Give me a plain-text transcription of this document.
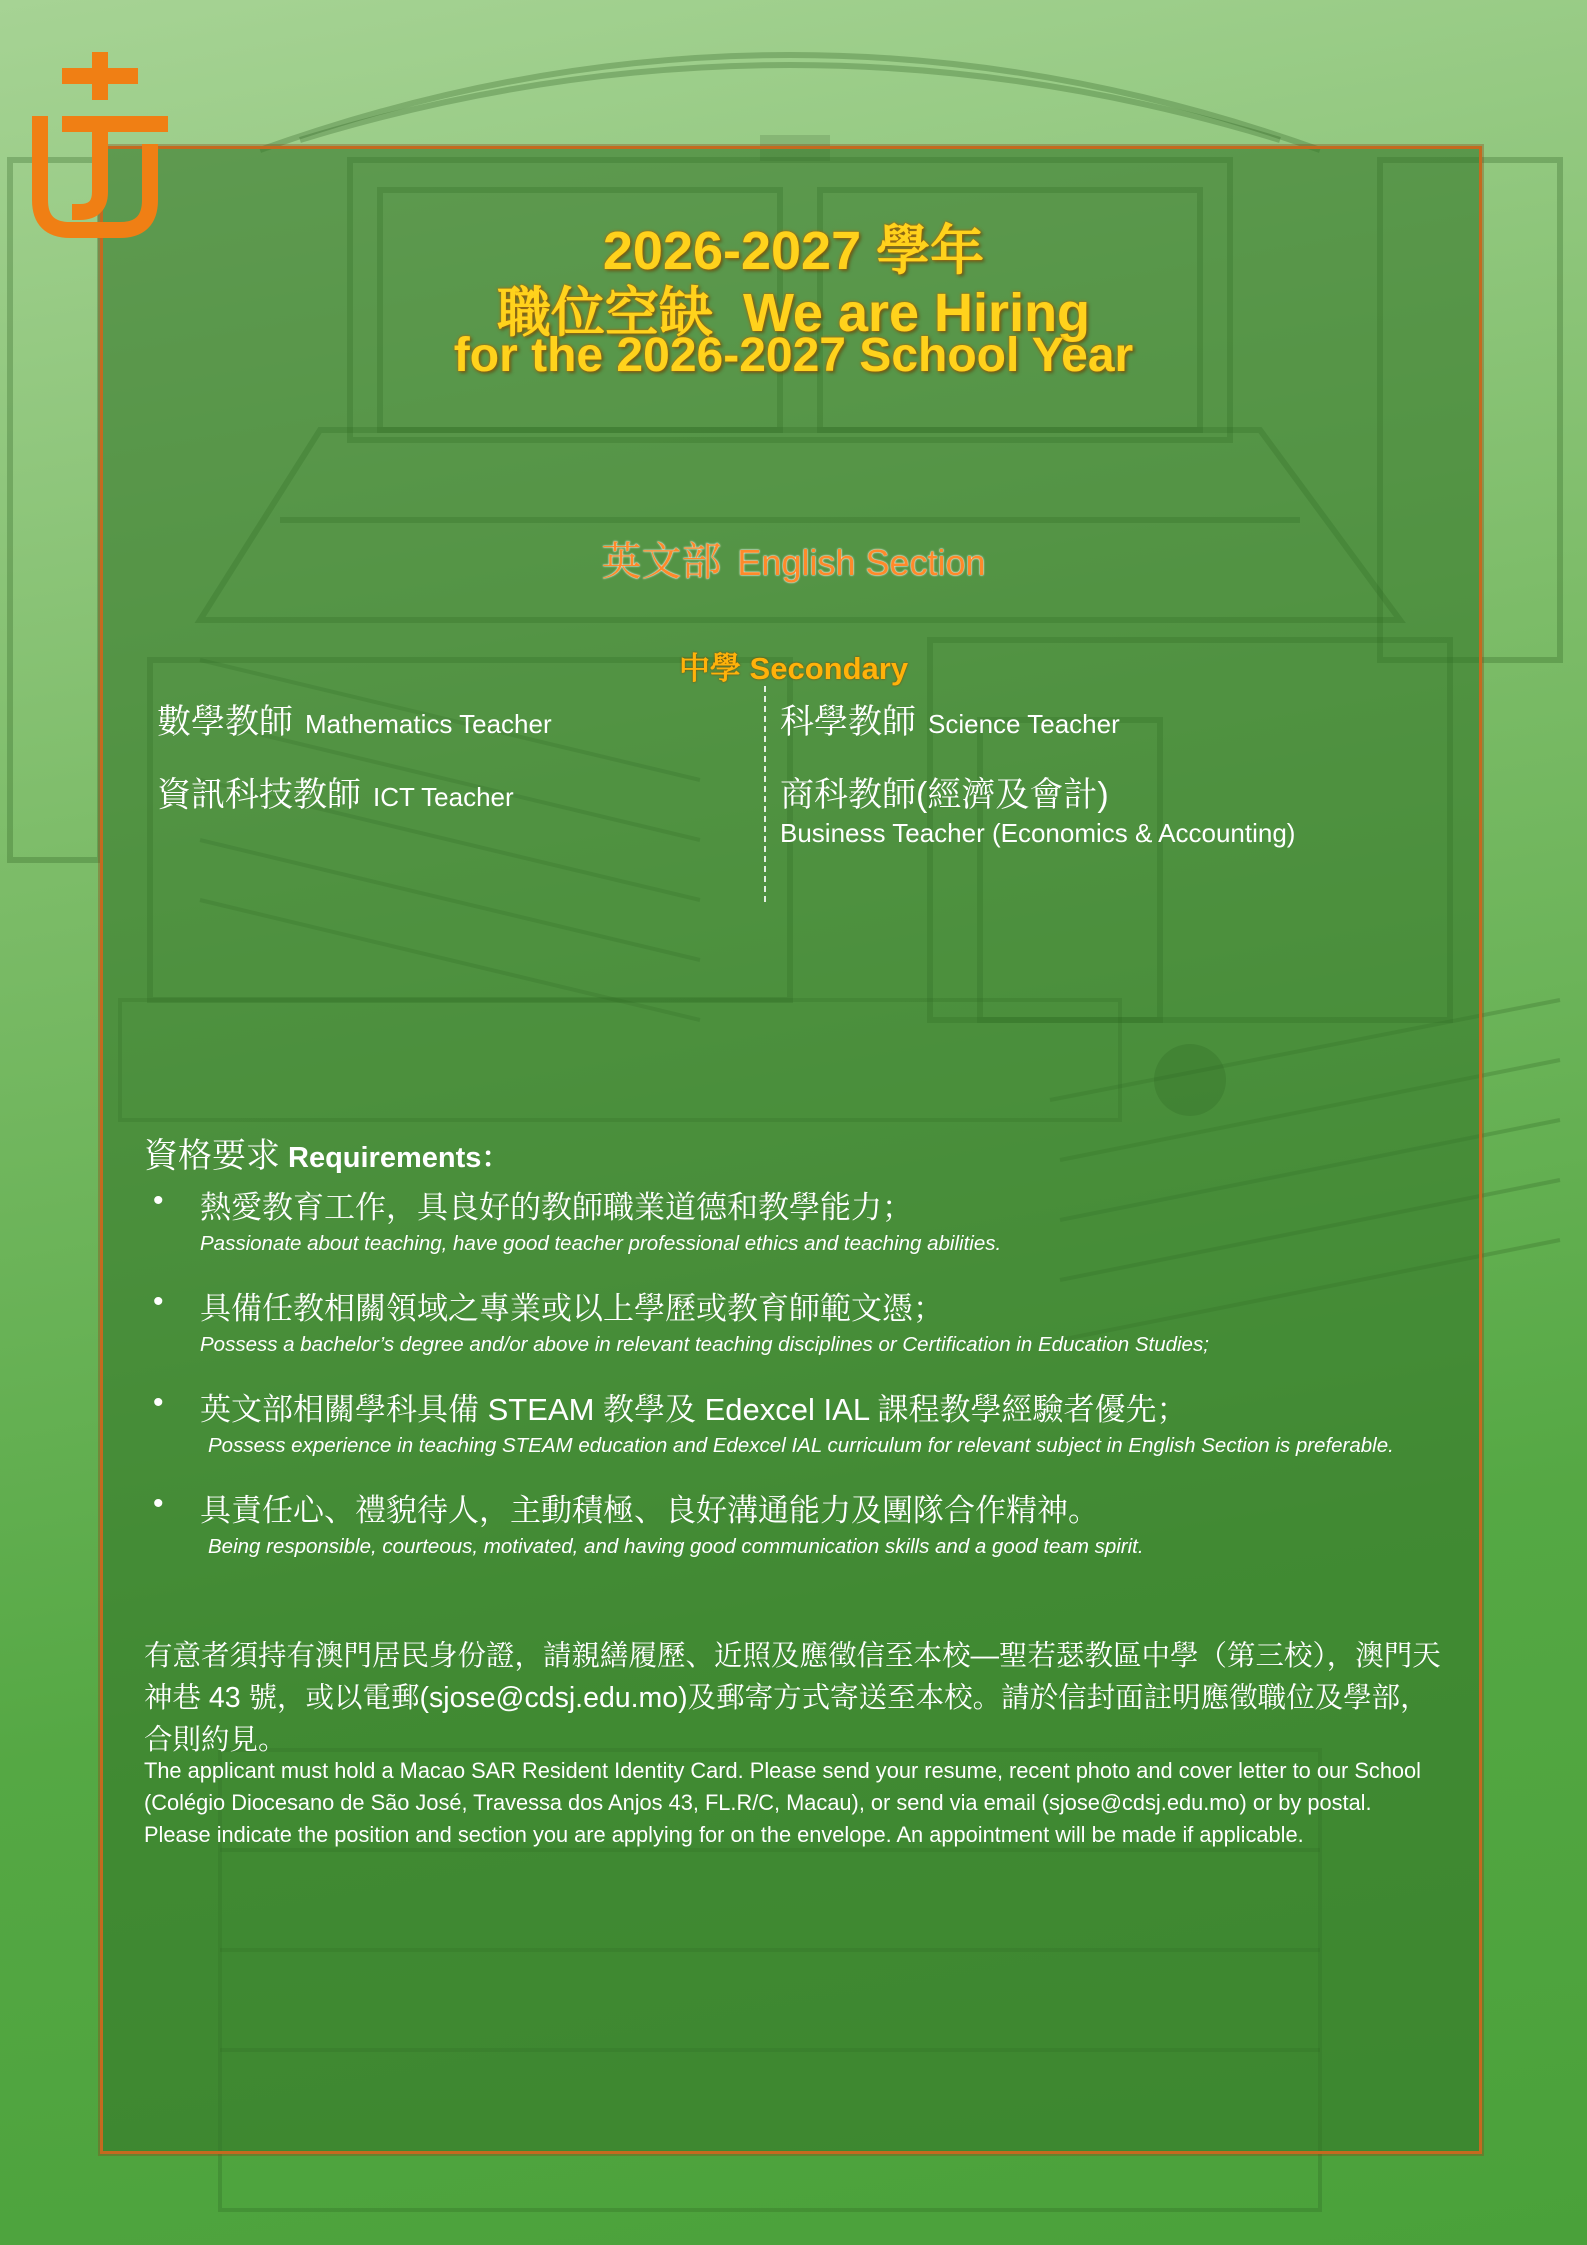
2026-2027 學年
職位空缺  We are Hiring
for the 2026-2027 School Year
英文部 English Section
中學 Secondary
數學教師 Mathematics Teacher	科學教師 Science Teacher
資訊科技教師 ICT Teacher	商科教師(經濟及會計)
Business Teacher (Economics & Accounting)
資格要求 Requirements：
• 熱愛教育工作，具良好的教師職業道德和教學能力；
Passionate about teaching, have good teacher professional ethics and teaching abilities.
• 具備任教相關領域之專業或以上學歷或教育師範文憑；
Possess a bachelor’s degree and/or above in relevant teaching disciplines or Certification in Education Studies;
• 英文部相關學科具備 STEAM 教學及 Edexcel IAL 課程教學經驗者優先；
Possess experience in teaching STEAM education and Edexcel IAL curriculum for relevant subject in English Section is preferable.
• 具責任心、禮貌待人，主動積極、良好溝通能力及團隊合作精神。
Being responsible, courteous, motivated, and having good communication skills and a good team spirit.
有意者須持有澳門居民身份證，請親繕履歷、近照及應徵信至本校—聖若瑟教區中學（第三校），澳門天神巷 43 號，或以電郵(sjose@cdsj.edu.mo)及郵寄方式寄送至本校。請於信封面註明應徵職位及學部，合則約見。
The applicant must hold a Macao SAR Resident Identity Card. Please send your resume, recent photo and cover letter to our School (Colégio Diocesano de São José, Travessa dos Anjos 43, FL.R/C, Macau), or send via email (sjose@cdsj.edu.mo) or by postal. Please indicate the position and section you are applying for on the envelope. An appointment will be made if applicable.
